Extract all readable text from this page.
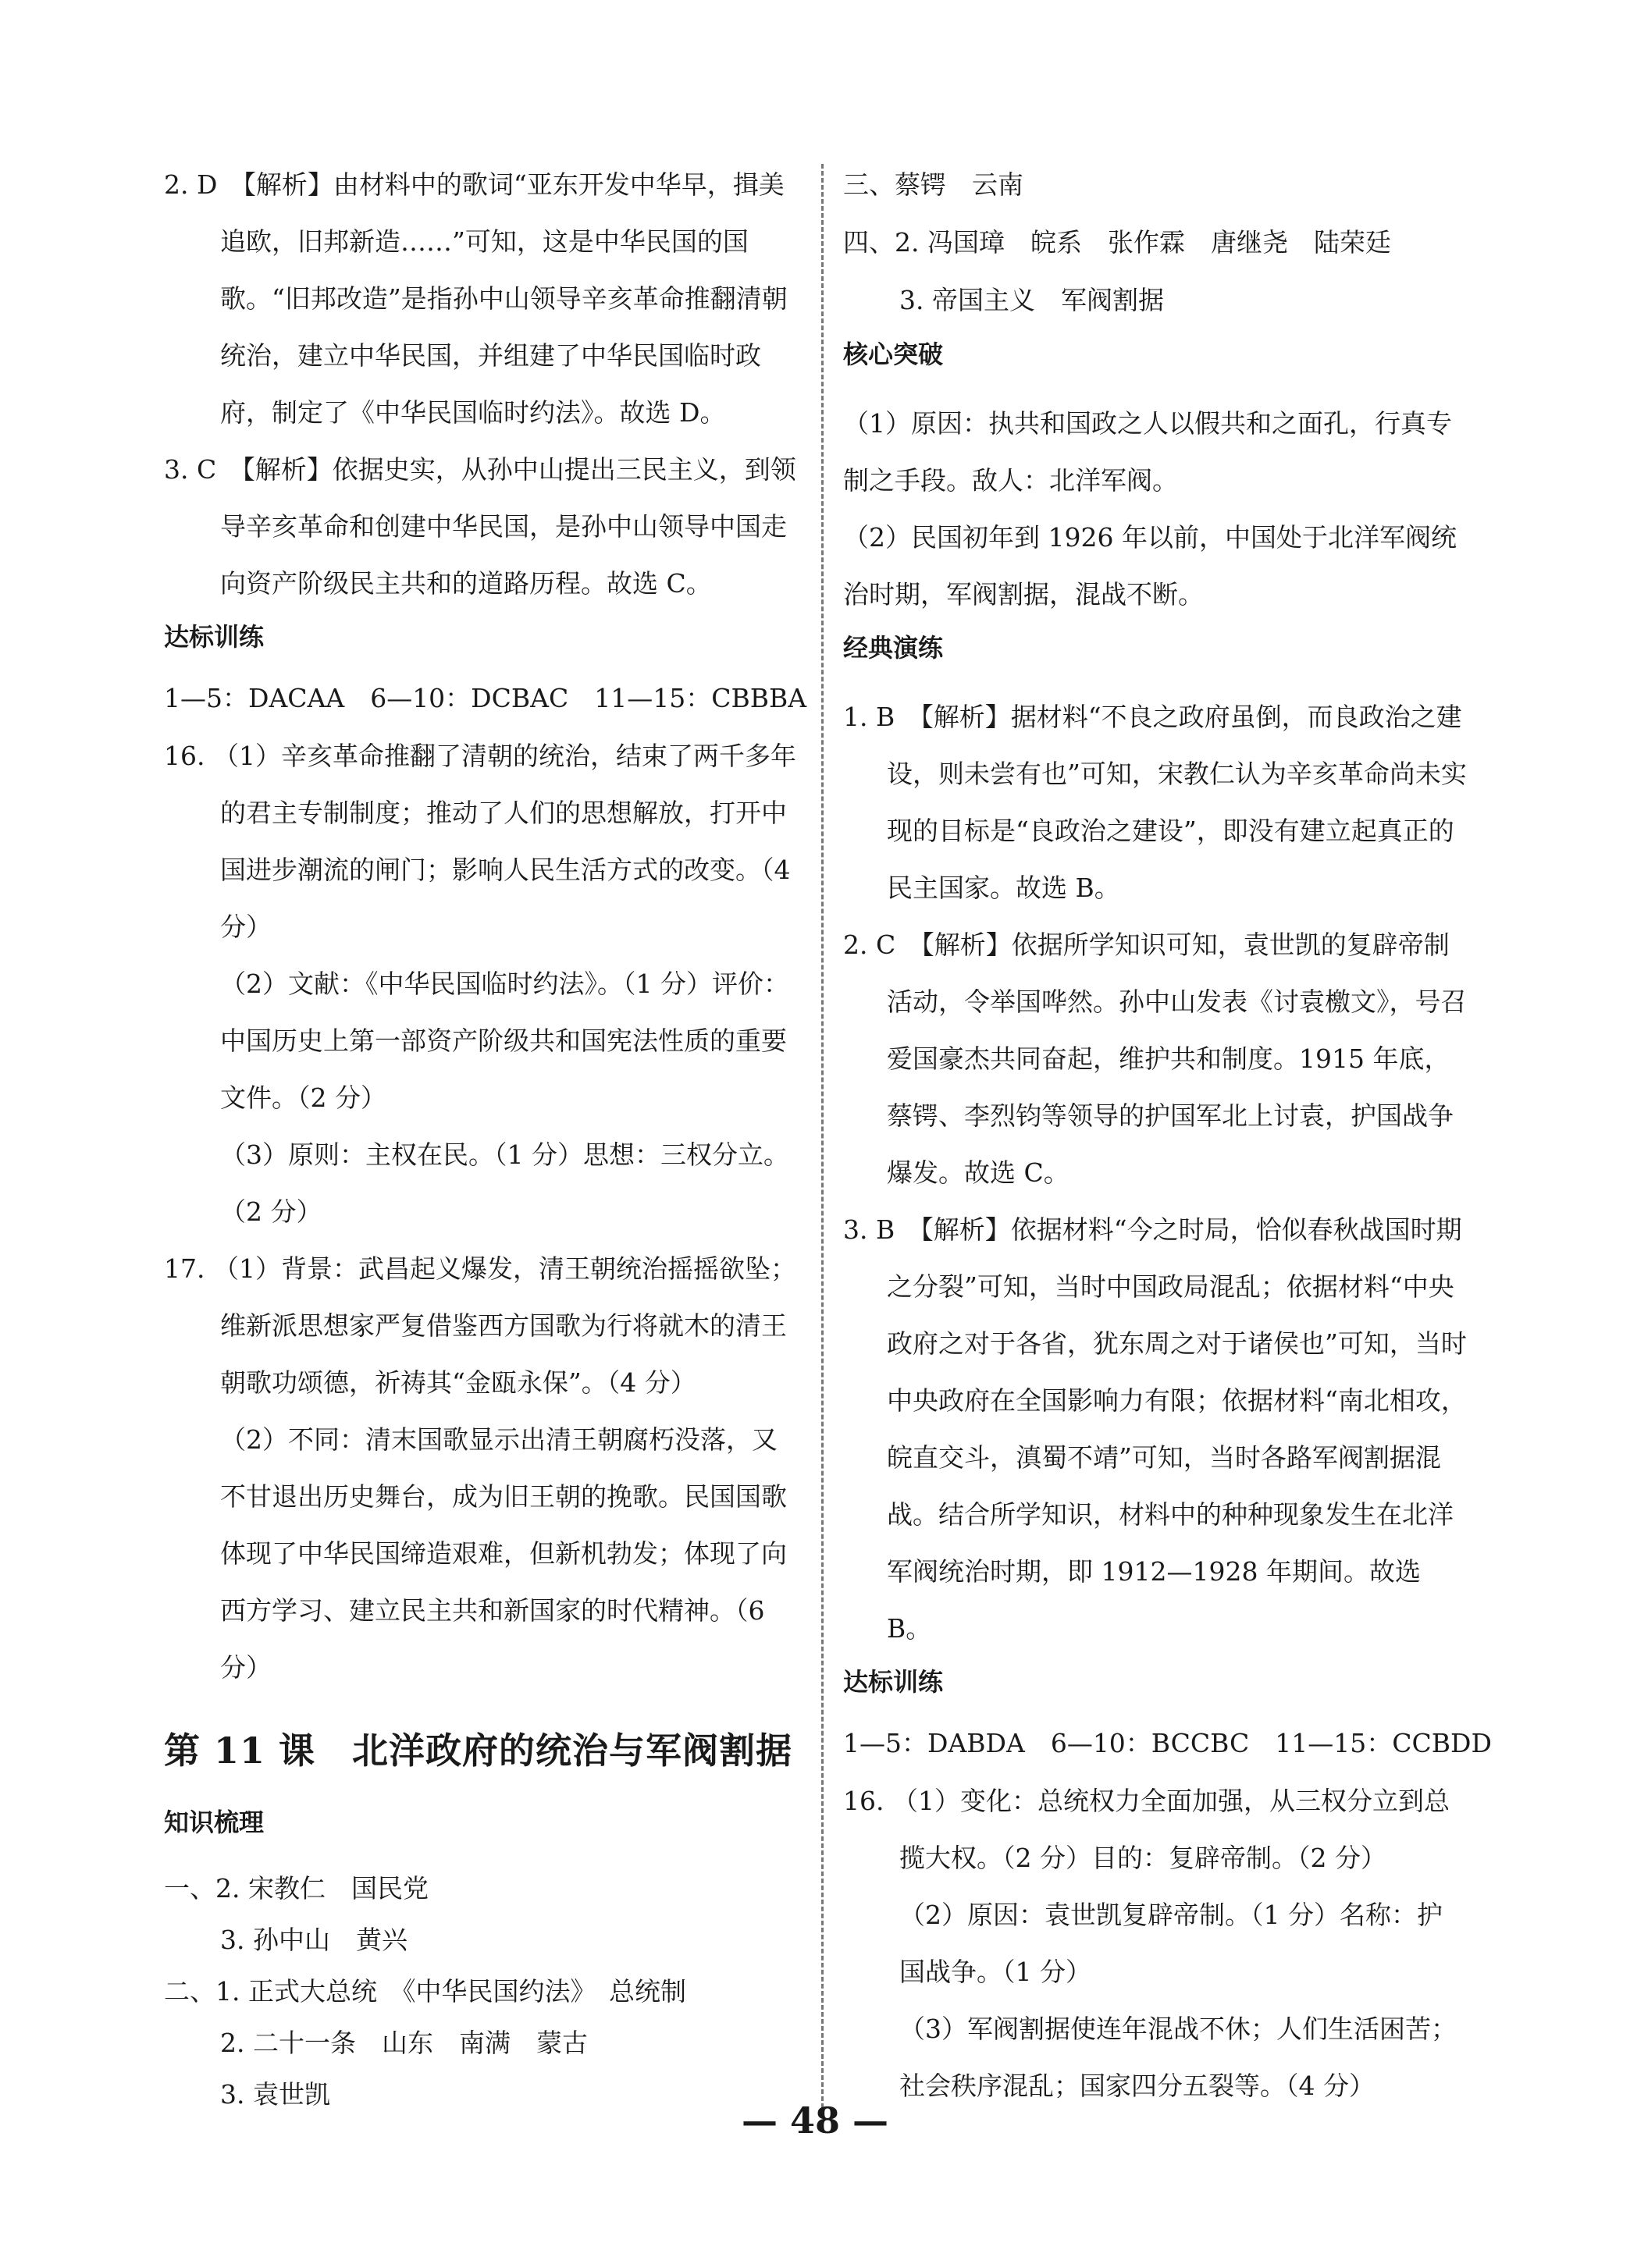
2. D　【解析】由材料中的歌词“亚东开发中华早，揖美追欧，旧邦新造……”可知，这是中华民国的国歌。“旧邦改造”是指孙中山领导辛亥革命推翻清朝统治，建立中华民国，并组建了中华民国临时政府，制定了《中华民国临时约法》。故选 D。
3. C　【解析】依据史实，从孙中山提出三民主义，到领导辛亥革命和创建中华民国，是孙中山领导中国走向资产阶级民主共和的道路历程。故选 C。
达标训练
1—5：DACAA　6—10：DCBAC　11—15：CBBBA
16. （1）辛亥革命推翻了清朝的统治，结束了两千多年的君主专制制度；推动了人们的思想解放，打开中国进步潮流的闸门；影响人民生活方式的改变。（4 分）
（2）文献：《中华民国临时约法》。（1 分）评价：中国历史上第一部资产阶级共和国宪法性质的重要文件。（2 分）
（3）原则：主权在民。（1 分）思想：三权分立。（2 分）
17. （1）背景：武昌起义爆发，清王朝统治摇摇欲坠；维新派思想家严复借鉴西方国歌为行将就木的清王朝歌功颂德，祈祷其“金瓯永保”。（4 分）
（2）不同：清末国歌显示出清王朝腐朽没落，又不甘退出历史舞台，成为旧王朝的挽歌。民国国歌体现了中华民国缔造艰难，但新机勃发；体现了向西方学习、建立民主共和新国家的时代精神。（6 分）
第 11 课　北洋政府的统治与军阀割据
知识梳理
一、2. 宋教仁　国民党
3. 孙中山　黄兴
二、1. 正式大总统　《中华民国约法》　总统制
2. 二十一条　山东　南满　蒙古
3. 袁世凯
三、蔡锷　云南
四、2. 冯国璋　皖系　张作霖　唐继尧　陆荣廷
3. 帝国主义　军阀割据
核心突破
（1）原因：执共和国政之人以假共和之面孔，行真专制之手段。敌人：北洋军阀。
（2）民国初年到 1926 年以前，中国处于北洋军阀统治时期，军阀割据，混战不断。
经典演练
1. B　【解析】据材料“不良之政府虽倒，而良政治之建设，则未尝有也”可知，宋教仁认为辛亥革命尚未实现的目标是“良政治之建设”，即没有建立起真正的民主国家。故选 B。
2. C　【解析】依据所学知识可知，袁世凯的复辟帝制活动，令举国哗然。孙中山发表《讨袁檄文》，号召爱国豪杰共同奋起，维护共和制度。1915 年底，蔡锷、李烈钧等领导的护国军北上讨袁，护国战争爆发。故选 C。
3. B　【解析】依据材料“今之时局，恰似春秋战国时期之分裂”可知，当时中国政局混乱；依据材料“中央政府之对于各省，犹东周之对于诸侯也”可知，当时中央政府在全国影响力有限；依据材料“南北相攻，皖直交斗，滇蜀不靖”可知，当时各路军阀割据混战。结合所学知识，材料中的种种现象发生在北洋军阀统治时期，即 1912—1928 年期间。故选 B。
达标训练
1—5：DABDA　6—10：BCCBC　11—15：CCBDD
16. （1）变化：总统权力全面加强，从三权分立到总揽大权。（2 分）目的：复辟帝制。（2 分）
（2）原因：袁世凯复辟帝制。（1 分）名称：护国战争。（1 分）
（3）军阀割据使连年混战不休；人们生活困苦；社会秩序混乱；国家四分五裂等。（4 分）
— 48 —
